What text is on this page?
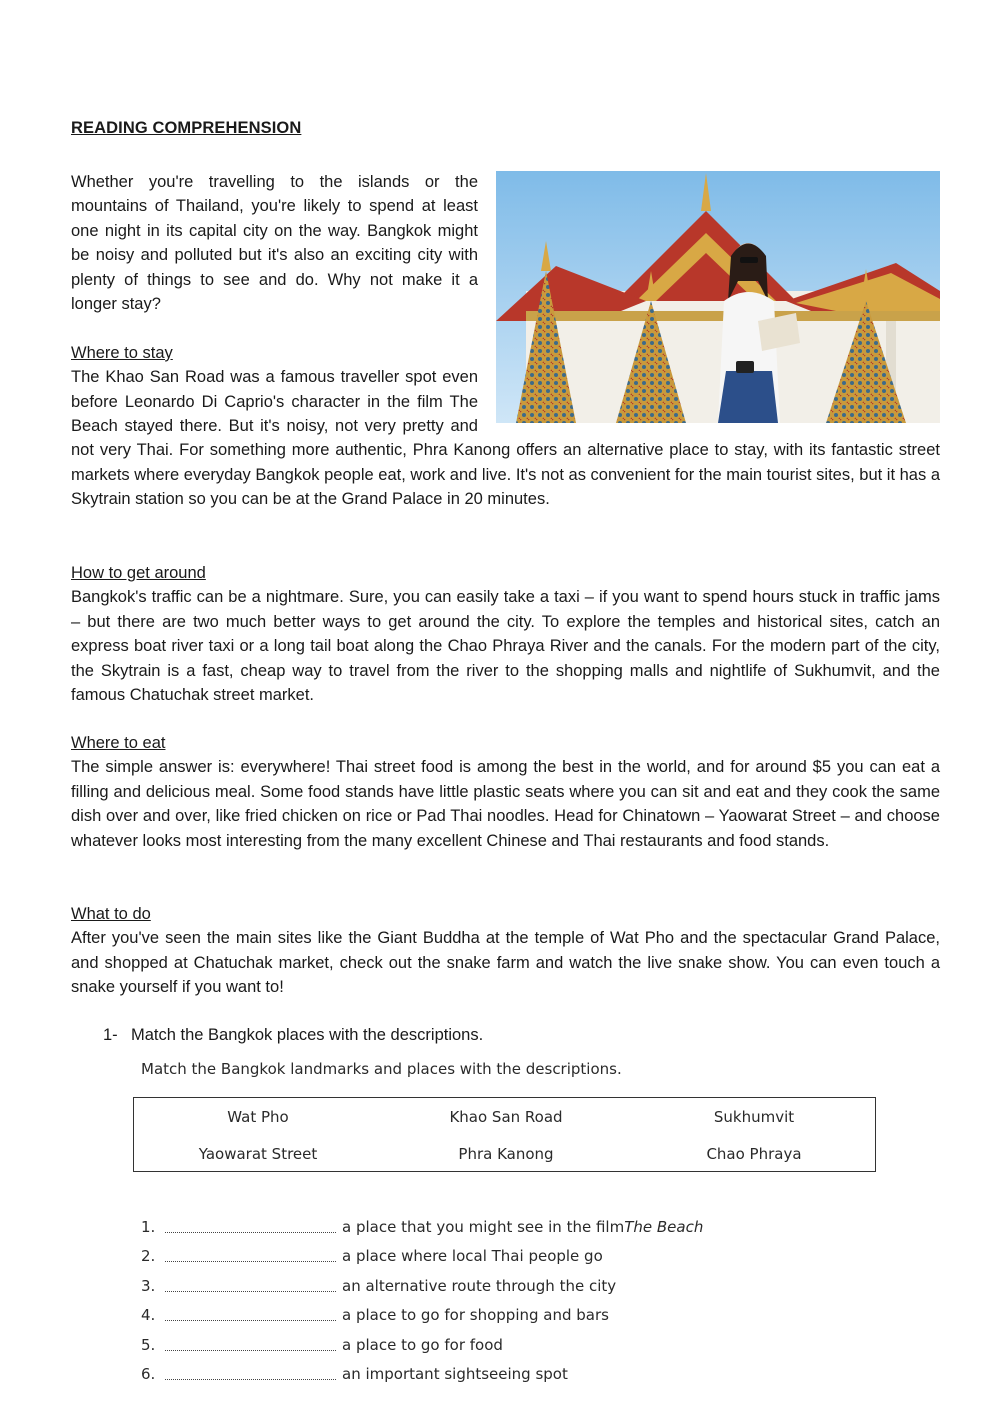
READING COMPREHENSION

Whether you're travelling to the islands or the mountains of Thailand, you're likely to spend at least one night in its capital city on the way. Bangkok might be noisy and polluted but it's also an exciting city with plenty of things to see and do. Why not make it a longer stay?

Where to stay

The Khao San Road was a famous traveller spot even before Leonardo Di Caprio's character in the film The Beach stayed there. But it's noisy, not very pretty and not very Thai. For something more authentic, Phra Kanong offers an alternative place to stay, with its fantastic street markets where everyday Bangkok people eat, work and live. It's not as convenient for the main tourist sites, but it has a Skytrain station so you can be at the Grand Palace in 20 minutes.

How to get around

Bangkok's traffic can be a nightmare. Sure, you can easily take a taxi – if you want to spend hours stuck in traffic jams – but there are two much better ways to get around the city. To explore the temples and historical sites, catch an express boat river taxi or a long tail boat along the Chao Phraya River and the canals. For the modern part of the city, the Skytrain is a fast, cheap way to travel from the river to the shopping malls and nightlife of Sukhumvit, and the famous Chatuchak street market.

Where to eat

The simple answer is: everywhere! Thai street food is among the best in the world, and for around $5 you can eat a filling and delicious meal. Some food stands have little plastic seats where you can sit and eat and they cook the same dish over and over, like fried chicken on rice or Pad Thai noodles. Head for Chinatown – Yaowarat Street – and choose whatever looks most interesting from the many excellent Chinese and Thai restaurants and food stands.

What to do

After you've seen the main sites like the Giant Buddha at the temple of Wat Pho and the spectacular Grand Palace, and shopped at Chatuchak market, check out the snake farm and watch the live snake show. You can even touch a snake yourself if you want to!

1- Match the Bangkok places with the descriptions.
Match the Bangkok landmarks and places with the descriptions.
Wat Pho	Khao San Road	Sukhumvit
Yaowarat Street	Phra Kanong	Chao Phraya
1.	a place that you might see in the film The Beach
2.	a place where local Thai people go
3.	an alternative route through the city
4.	a place to go for shopping and bars
5.	a place to go for food
6.	an important sightseeing spot
